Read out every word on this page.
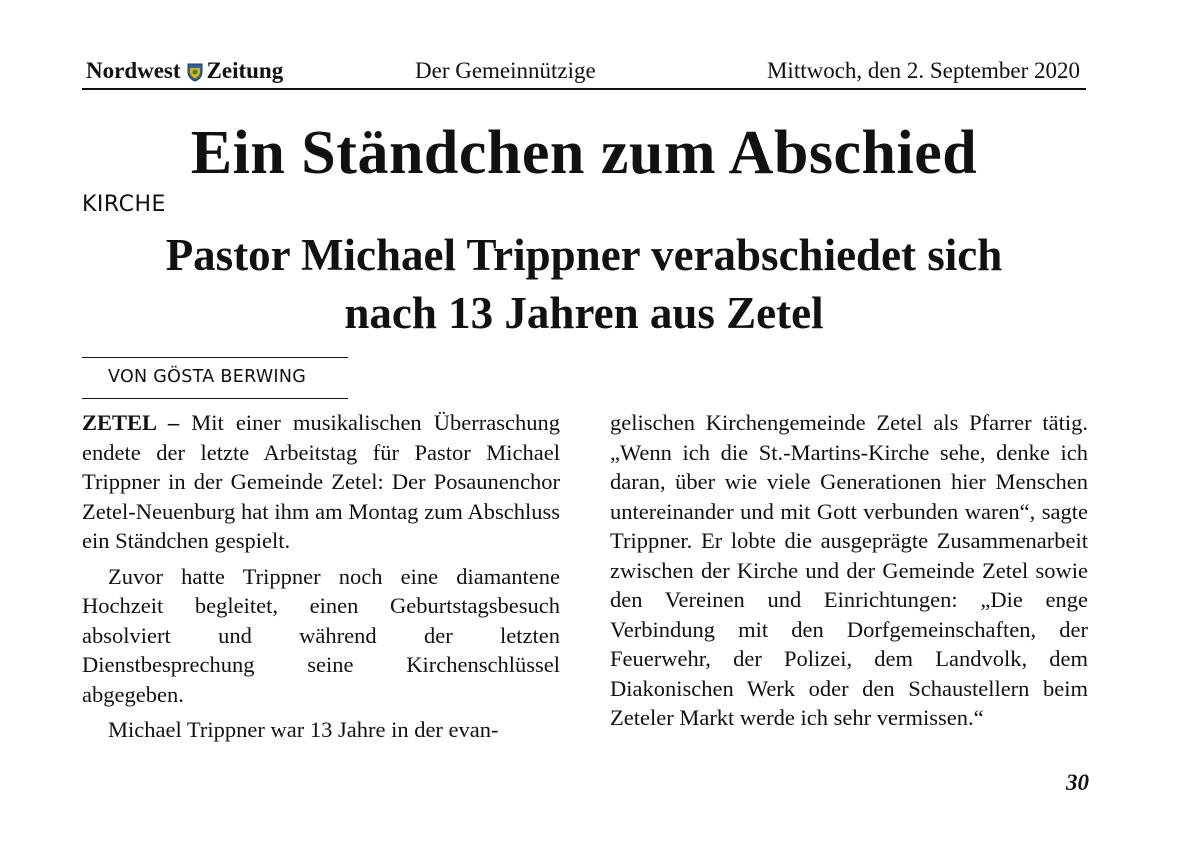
Nordwest Zeitung	Der Gemeinnützige	Mittwoch, den 2. September 2020
Ein Ständchen zum Abschied
KIRCHE
Pastor Michael Trippner verabschiedet sich
nach 13 Jahren aus Zetel
VON GÖSTA BERWING

ZETEL – Mit einer musikalischen Überraschung endete der letzte Arbeitstag für Pastor Michael Trippner in der Gemeinde Zetel: Der Posaunenchor Zetel-Neuenburg hat ihm am Montag zum Abschluss ein Ständchen gespielt.

Zuvor hatte Trippner noch eine diamantene Hochzeit begleitet, einen Geburtstagsbesuch absolviert und während der letzten Dienstbesprechung seine Kirchenschlüssel abgegeben.

Michael Trippner war 13 Jahre in der evan-

gelischen Kirchengemeinde Zetel als Pfarrer tätig. „Wenn ich die St.-Martins-Kirche sehe, denke ich daran, über wie viele Generationen hier Menschen untereinander und mit Gott verbunden waren“, sagte Trippner. Er lobte die ausgeprägte Zusammenarbeit zwischen der Kirche und der Gemeinde Zetel sowie den Vereinen und Einrichtungen: „Die enge Verbindung mit den Dorfgemeinschaften, der Feuerwehr, der Polizei, dem Landvolk, dem Diakonischen Werk oder den Schaustellern beim Zeteler Markt werde ich sehr vermissen.“

30
